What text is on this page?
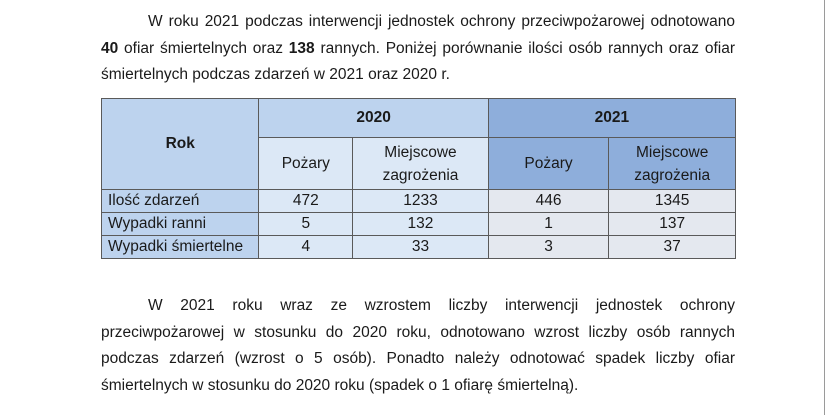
W roku 2021 podczas interwencji jednostek ochrony przeciwpożarowej odnotowano 40 ofiar śmiertelnych oraz 138 rannych. Poniżej porównanie ilości osób rannych oraz ofiar śmiertelnych podczas zdarzeń w 2021 oraz 2020 r.

Rok	2020		2021	
	Pożary	Miejscowe zagrożenia	Pożary	Miejscowe zagrożenia
Ilość zdarzeń	472	1233	446	1345
Wypadki ranni	5	132	1	137
Wypadki śmiertelne	4	33	3	37

W 2021 roku wraz ze wzrostem liczby interwencji jednostek ochrony przeciwpożarowej w stosunku do 2020 roku, odnotowano wzrost liczby osób rannych podczas zdarzeń (wzrost o 5 osób). Ponadto należy odnotować spadek liczby ofiar śmiertelnych w stosunku do 2020 roku (spadek o 1 ofiarę śmiertelną).
